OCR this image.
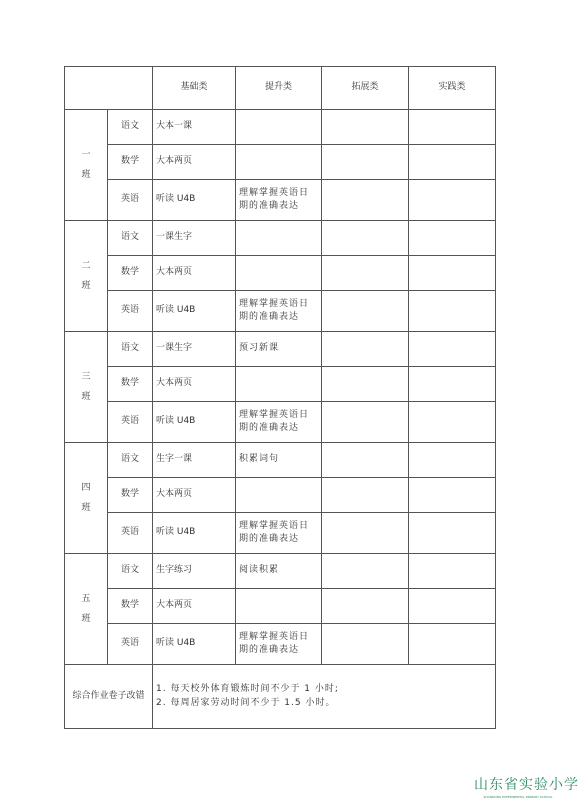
		基础类	提升类	拓展类	实践类

一
班	语文	大本一课			
	数学	大本两页			
	英语	听读 U4B	理解掌握英语日期的准确表达		

二
班	语文	一课生字			
	数学	大本两页			
	英语	听读 U4B	理解掌握英语日期的准确表达		

三
班	语文	一课生字	预习新课		
	数学	大本两页			
	英语	听读 U4B	理解掌握英语日期的准确表达		

四
班	语文	生字一课	积累词句		
	数学	大本两页			
	英语	听读 U4B	理解掌握英语日期的准确表达		

五
班	语文	生字练习	阅读积累		
	数学	大本两页			
	英语	听读 U4B	理解掌握英语日期的准确表达		
综合作业卷子改错		1. 每天校外体育锻炼时间不少于 1 小时;
2. 每周居家劳动时间不少于 1.5 小时。			
山东省实验小学
SHANDONG EXPERIMENTAL PRIMARY SCHOOL
